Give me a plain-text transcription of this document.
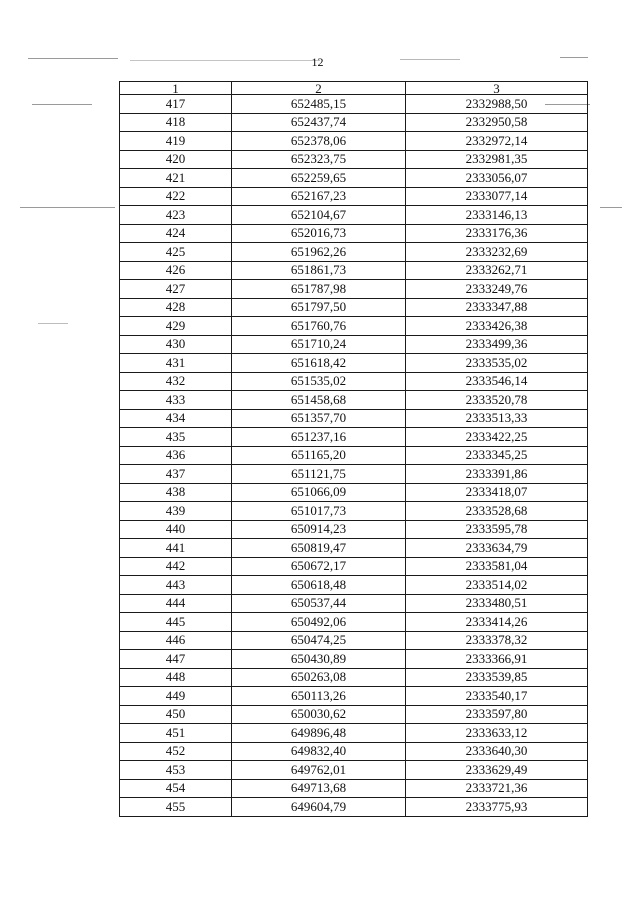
12
1	2	3
417	652485,15	2332988,50
418	652437,74	2332950,58
419	652378,06	2332972,14
420	652323,75	2332981,35
421	652259,65	2333056,07
422	652167,23	2333077,14
423	652104,67	2333146,13
424	652016,73	2333176,36
425	651962,26	2333232,69
426	651861,73	2333262,71
427	651787,98	2333249,76
428	651797,50	2333347,88
429	651760,76	2333426,38
430	651710,24	2333499,36
431	651618,42	2333535,02
432	651535,02	2333546,14
433	651458,68	2333520,78
434	651357,70	2333513,33
435	651237,16	2333422,25
436	651165,20	2333345,25
437	651121,75	2333391,86
438	651066,09	2333418,07
439	651017,73	2333528,68
440	650914,23	2333595,78
441	650819,47	2333634,79
442	650672,17	2333581,04
443	650618,48	2333514,02
444	650537,44	2333480,51
445	650492,06	2333414,26
446	650474,25	2333378,32
447	650430,89	2333366,91
448	650263,08	2333539,85
449	650113,26	2333540,17
450	650030,62	2333597,80
451	649896,48	2333633,12
452	649832,40	2333640,30
453	649762,01	2333629,49
454	649713,68	2333721,36
455	649604,79	2333775,93
